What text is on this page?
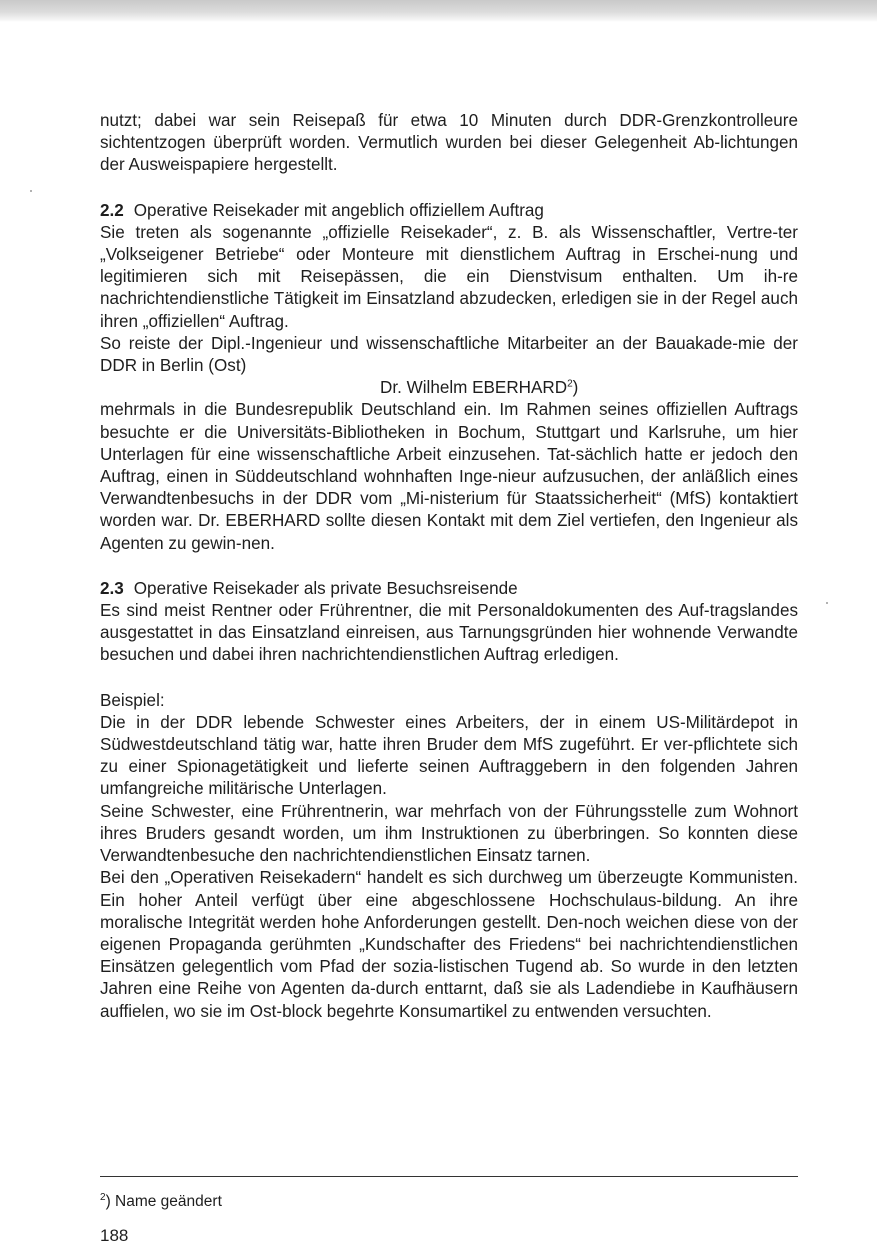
nutzt; dabei war sein Reisepaß für etwa 10 Minuten durch DDR-Grenzkontrolleure sichtentzogen überprüft worden. Vermutlich wurden bei dieser Gelegenheit Ab-lichtungen der Ausweispapiere hergestellt.

2.2 Operative Reisekader mit angeblich offiziellem Auftrag

Sie treten als sogenannte „offizielle Reisekader“, z. B. als Wissenschaftler, Vertre-ter „Volkseigener Betriebe“ oder Monteure mit dienstlichem Auftrag in Erschei-nung und legitimieren sich mit Reisepässen, die ein Dienstvisum enthalten. Um ih-re nachrichtendienstliche Tätigkeit im Einsatzland abzudecken, erledigen sie in der Regel auch ihren „offiziellen“ Auftrag.

So reiste der Dipl.-Ingenieur und wissenschaftliche Mitarbeiter an der Bauakade-mie der DDR in Berlin (Ost)

Dr. Wilhelm EBERHARD$^2$)

mehrmals in die Bundesrepublik Deutschland ein. Im Rahmen seines offiziellen Auftrags besuchte er die Universitäts-Bibliotheken in Bochum, Stuttgart und Karlsruhe, um hier Unterlagen für eine wissenschaftliche Arbeit einzusehen. Tat-sächlich hatte er jedoch den Auftrag, einen in Süddeutschland wohnhaften Inge-nieur aufzusuchen, der anläßlich eines Verwandtenbesuchs in der DDR vom „Mi-nisterium für Staatssicherheit“ (MfS) kontaktiert worden war. Dr. EBERHARD sollte diesen Kontakt mit dem Ziel vertiefen, den Ingenieur als Agenten zu gewin-nen.

2.3 Operative Reisekader als private Besuchsreisende

Es sind meist Rentner oder Frührentner, die mit Personaldokumenten des Auf-tragslandes ausgestattet in das Einsatzland einreisen, aus Tarnungsgründen hier wohnende Verwandte besuchen und dabei ihren nachrichtendienstlichen Auftrag erledigen.

Beispiel:

Die in der DDR lebende Schwester eines Arbeiters, der in einem US-Militärdepot in Südwestdeutschland tätig war, hatte ihren Bruder dem MfS zugeführt. Er ver-pflichtete sich zu einer Spionagetätigkeit und lieferte seinen Auftraggebern in den folgenden Jahren umfangreiche militärische Unterlagen.

Seine Schwester, eine Frührentnerin, war mehrfach von der Führungsstelle zum Wohnort ihres Bruders gesandt worden, um ihm Instruktionen zu überbringen. So konnten diese Verwandtenbesuche den nachrichtendienstlichen Einsatz tarnen.

Bei den „Operativen Reisekadern“ handelt es sich durchweg um überzeugte Kommunisten. Ein hoher Anteil verfügt über eine abgeschlossene Hochschulaus-bildung. An ihre moralische Integrität werden hohe Anforderungen gestellt. Den-noch weichen diese von der eigenen Propaganda gerühmten „Kundschafter des Friedens“ bei nachrichtendienstlichen Einsätzen gelegentlich vom Pfad der sozia-listischen Tugend ab. So wurde in den letzten Jahren eine Reihe von Agenten da-durch enttarnt, daß sie als Ladendiebe in Kaufhäusern auffielen, wo sie im Ost-block begehrte Konsumartikel zu entwenden versuchten.

$^2$) Name geändert

188
